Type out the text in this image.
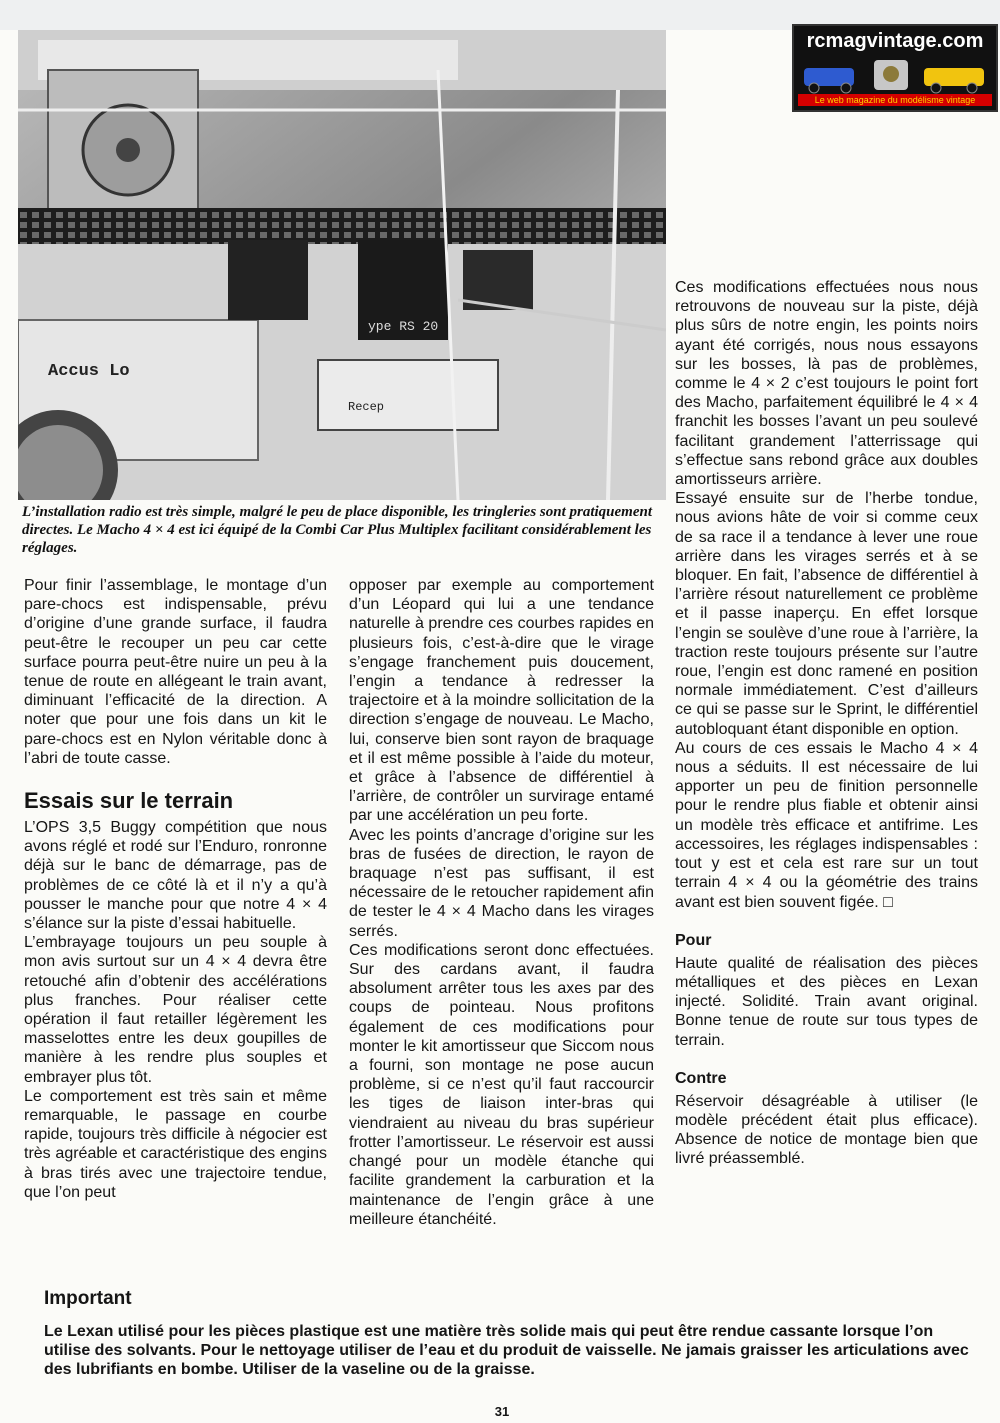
Accus Lo
ype RS 20
Recep
L’installation radio est très simple, malgré le peu de place disponible, les tringleries sont pratiquement directes. Le Macho 4 × 4 est ici équipé de la Combi Car Plus Multiplex facilitant considérablement les réglages.
rcmagvintage.com
Le web magazine du modélisme vintage

Ces modifications effectuées nous nous retrouvons de nouveau sur la piste, déjà plus sûrs de notre engin, les points noirs ayant été corrigés, nous nous essayons sur les bosses, là pas de problèmes, comme le 4 × 2 c’est toujours le point fort des Macho, parfaitement équilibré le 4 × 4 franchit les bosses l’avant un peu soulevé facilitant grandement l’atterrissage qui s’effectue sans rebond grâce aux doubles amortisseurs arrière.

Essayé ensuite sur de l’herbe tondue, nous avions hâte de voir si comme ceux de sa race il a tendance à lever une roue arrière dans les virages serrés et à se bloquer. En fait, l’absence de différentiel à l’arrière résout naturellement ce problème et il passe inaperçu. En effet lorsque l’engin se soulève d’une roue à l’arrière, la traction reste toujours présente sur l’autre roue, l’engin est donc ramené en position normale immédiatement. C’est d’ailleurs ce qui se passe sur le Sprint, le différentiel autobloquant étant disponible en option.

Au cours de ces essais le Macho 4 × 4 nous a séduits. Il est nécessaire de lui apporter un peu de finition personnelle pour le rendre plus fiable et obtenir ainsi un modèle très efficace et antifrime. Les accessoires, les réglages indispensables : tout y est et cela est rare sur un tout terrain 4 × 4 ou la géométrie des trains avant est bien souvent figée. □

Pour

Haute qualité de réalisation des pièces métalliques et des pièces en Lexan injecté. Solidité. Train avant original. Bonne tenue de route sur tous types de terrain.

Contre

Réservoir désagréable à utiliser (le modèle précédent était plus efficace). Absence de notice de montage bien que livré préassemblé.

Pour finir l’assemblage, le montage d’un pare-chocs est indispensable, prévu d’origine d’une grande surface, il faudra peut-être le recouper un peu car cette surface pourra peut-être nuire un peu à la tenue de route en allégeant le train avant, diminuant l’efficacité de la direction. A noter que pour une fois dans un kit le pare-chocs est en Nylon véritable donc à l’abri de toute casse.

Essais sur le terrain

L’OPS 3,5 Buggy compétition que nous avons réglé et rodé sur l’Enduro, ronronne déjà sur le banc de démarrage, pas de problèmes de ce côté là et il n’y a qu’à pousser le manche pour que notre 4 × 4 s’élance sur la piste d’essai habituelle.

L’embrayage toujours un peu souple à mon avis surtout sur un 4 × 4 devra être retouché afin d’obtenir des accélérations plus franches. Pour réaliser cette opération il faut retailler légèrement les masselottes entre les deux goupilles de manière à les rendre plus souples et embrayer plus tôt.

Le comportement est très sain et même remarquable, le passage en courbe rapide, toujours très difficile à négocier est très agréable et caractéristique des engins à bras tirés avec une trajectoire tendue, que l’on peut

opposer par exemple au comportement d’un Léopard qui lui a une tendance naturelle à prendre ces courbes rapides en plusieurs fois, c’est-à-dire que le virage s’engage franchement puis doucement, l’engin a tendance à redresser la trajectoire et à la moindre sollicitation de la direction s’engage de nouveau. Le Macho, lui, conserve bien sont rayon de braquage et il est même possible à l’aide du moteur, et grâce à l’absence de différentiel à l’arrière, de contrôler un survirage entamé par une accélération un peu forte.

Avec les points d’ancrage d’origine sur les bras de fusées de direction, le rayon de braquage n’est pas suffisant, il est nécessaire de le retoucher rapidement afin de tester le 4 × 4 Macho dans les virages serrés.

Ces modifications seront donc effectuées. Sur des cardans avant, il faudra absolument arrêter tous les axes par des coups de pointeau. Nous profitons également de ces modifications pour monter le kit amortisseur que Siccom nous a fourni, son montage ne pose aucun problème, si ce n’est qu’il faut raccourcir les tiges de liaison inter-bras qui viendraient au niveau du bras supérieur frotter l’amortisseur. Le réservoir est aussi changé pour un modèle étanche qui facilite grandement la carburation et la maintenance de l’engin grâce à une meilleure étanchéité.

Important
Le Lexan utilisé pour les pièces plastique est une matière très solide mais qui peut être rendue cassante lorsque l’on utilise des solvants. Pour le nettoyage utiliser de l’eau et du produit de vaisselle. Ne jamais graisser les articulations avec des lubrifiants en bombe. Utiliser de la vaseline ou de la graisse.
31
